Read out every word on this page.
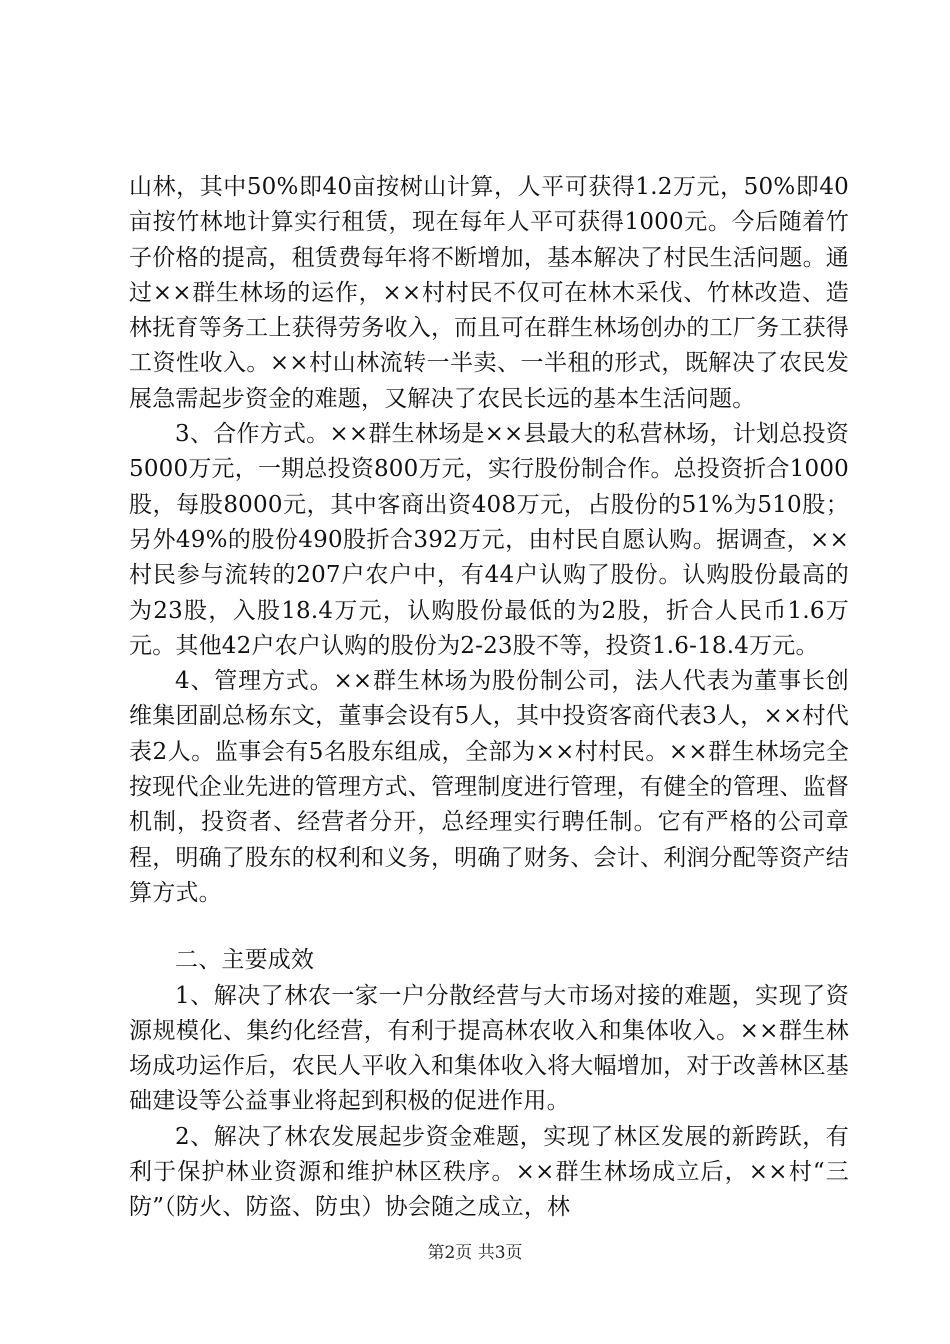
山林，其中50%即40亩按树山计算，人平可获得1.2万元，50%即40亩按竹林地计算实行租赁，现在每年人平可获得1000元。今后随着竹子价格的提高，租赁费每年将不断增加，基本解决了村民生活问题。通过××群生林场的运作，××村村民不仅可在林木采伐、竹林改造、造林抚育等务工上获得劳务收入，而且可在群生林场创办的工厂务工获得工资性收入。××村山林流转一半卖、一半租的形式，既解决了农民发展急需起步资金的难题，又解决了农民长远的基本生活问题。

3、合作方式。××群生林场是××县最大的私营林场，计划总投资5000万元，一期总投资800万元，实行股份制合作。总投资折合1000股，每股8000元，其中客商出资408万元，占股份的51%为510股；另外49%的股份490股折合392万元，由村民自愿认购。据调查，××村民参与流转的207户农户中，有44户认购了股份。认购股份最高的为23股，入股18.4万元，认购股份最低的为2股，折合人民币1.6万元。其他42户农户认购的股份为2-23股不等，投资1.6-18.4万元。

4、管理方式。××群生林场为股份制公司，法人代表为董事长创维集团副总杨东文，董事会设有5人，其中投资客商代表3人，××村代表2人。监事会有5名股东组成，全部为××村村民。××群生林场完全按现代企业先进的管理方式、管理制度进行管理，有健全的管理、监督机制，投资者、经营者分开，总经理实行聘任制。它有严格的公司章程，明确了股东的权利和义务，明确了财务、会计、利润分配等资产结算方式。

二、主要成效

1、解决了林农一家一户分散经营与大市场对接的难题，实现了资源规模化、集约化经营，有利于提高林农收入和集体收入。××群生林场成功运作后，农民人平收入和集体收入将大幅增加，对于改善林区基础建设等公益事业将起到积极的促进作用。

2、解决了林农发展起步资金难题，实现了林区发展的新跨跃，有利于保护林业资源和维护林区秩序。××群生林场成立后，××村“三防”（防火、防盗、防虫）协会随之成立，林

第2页 共3页
